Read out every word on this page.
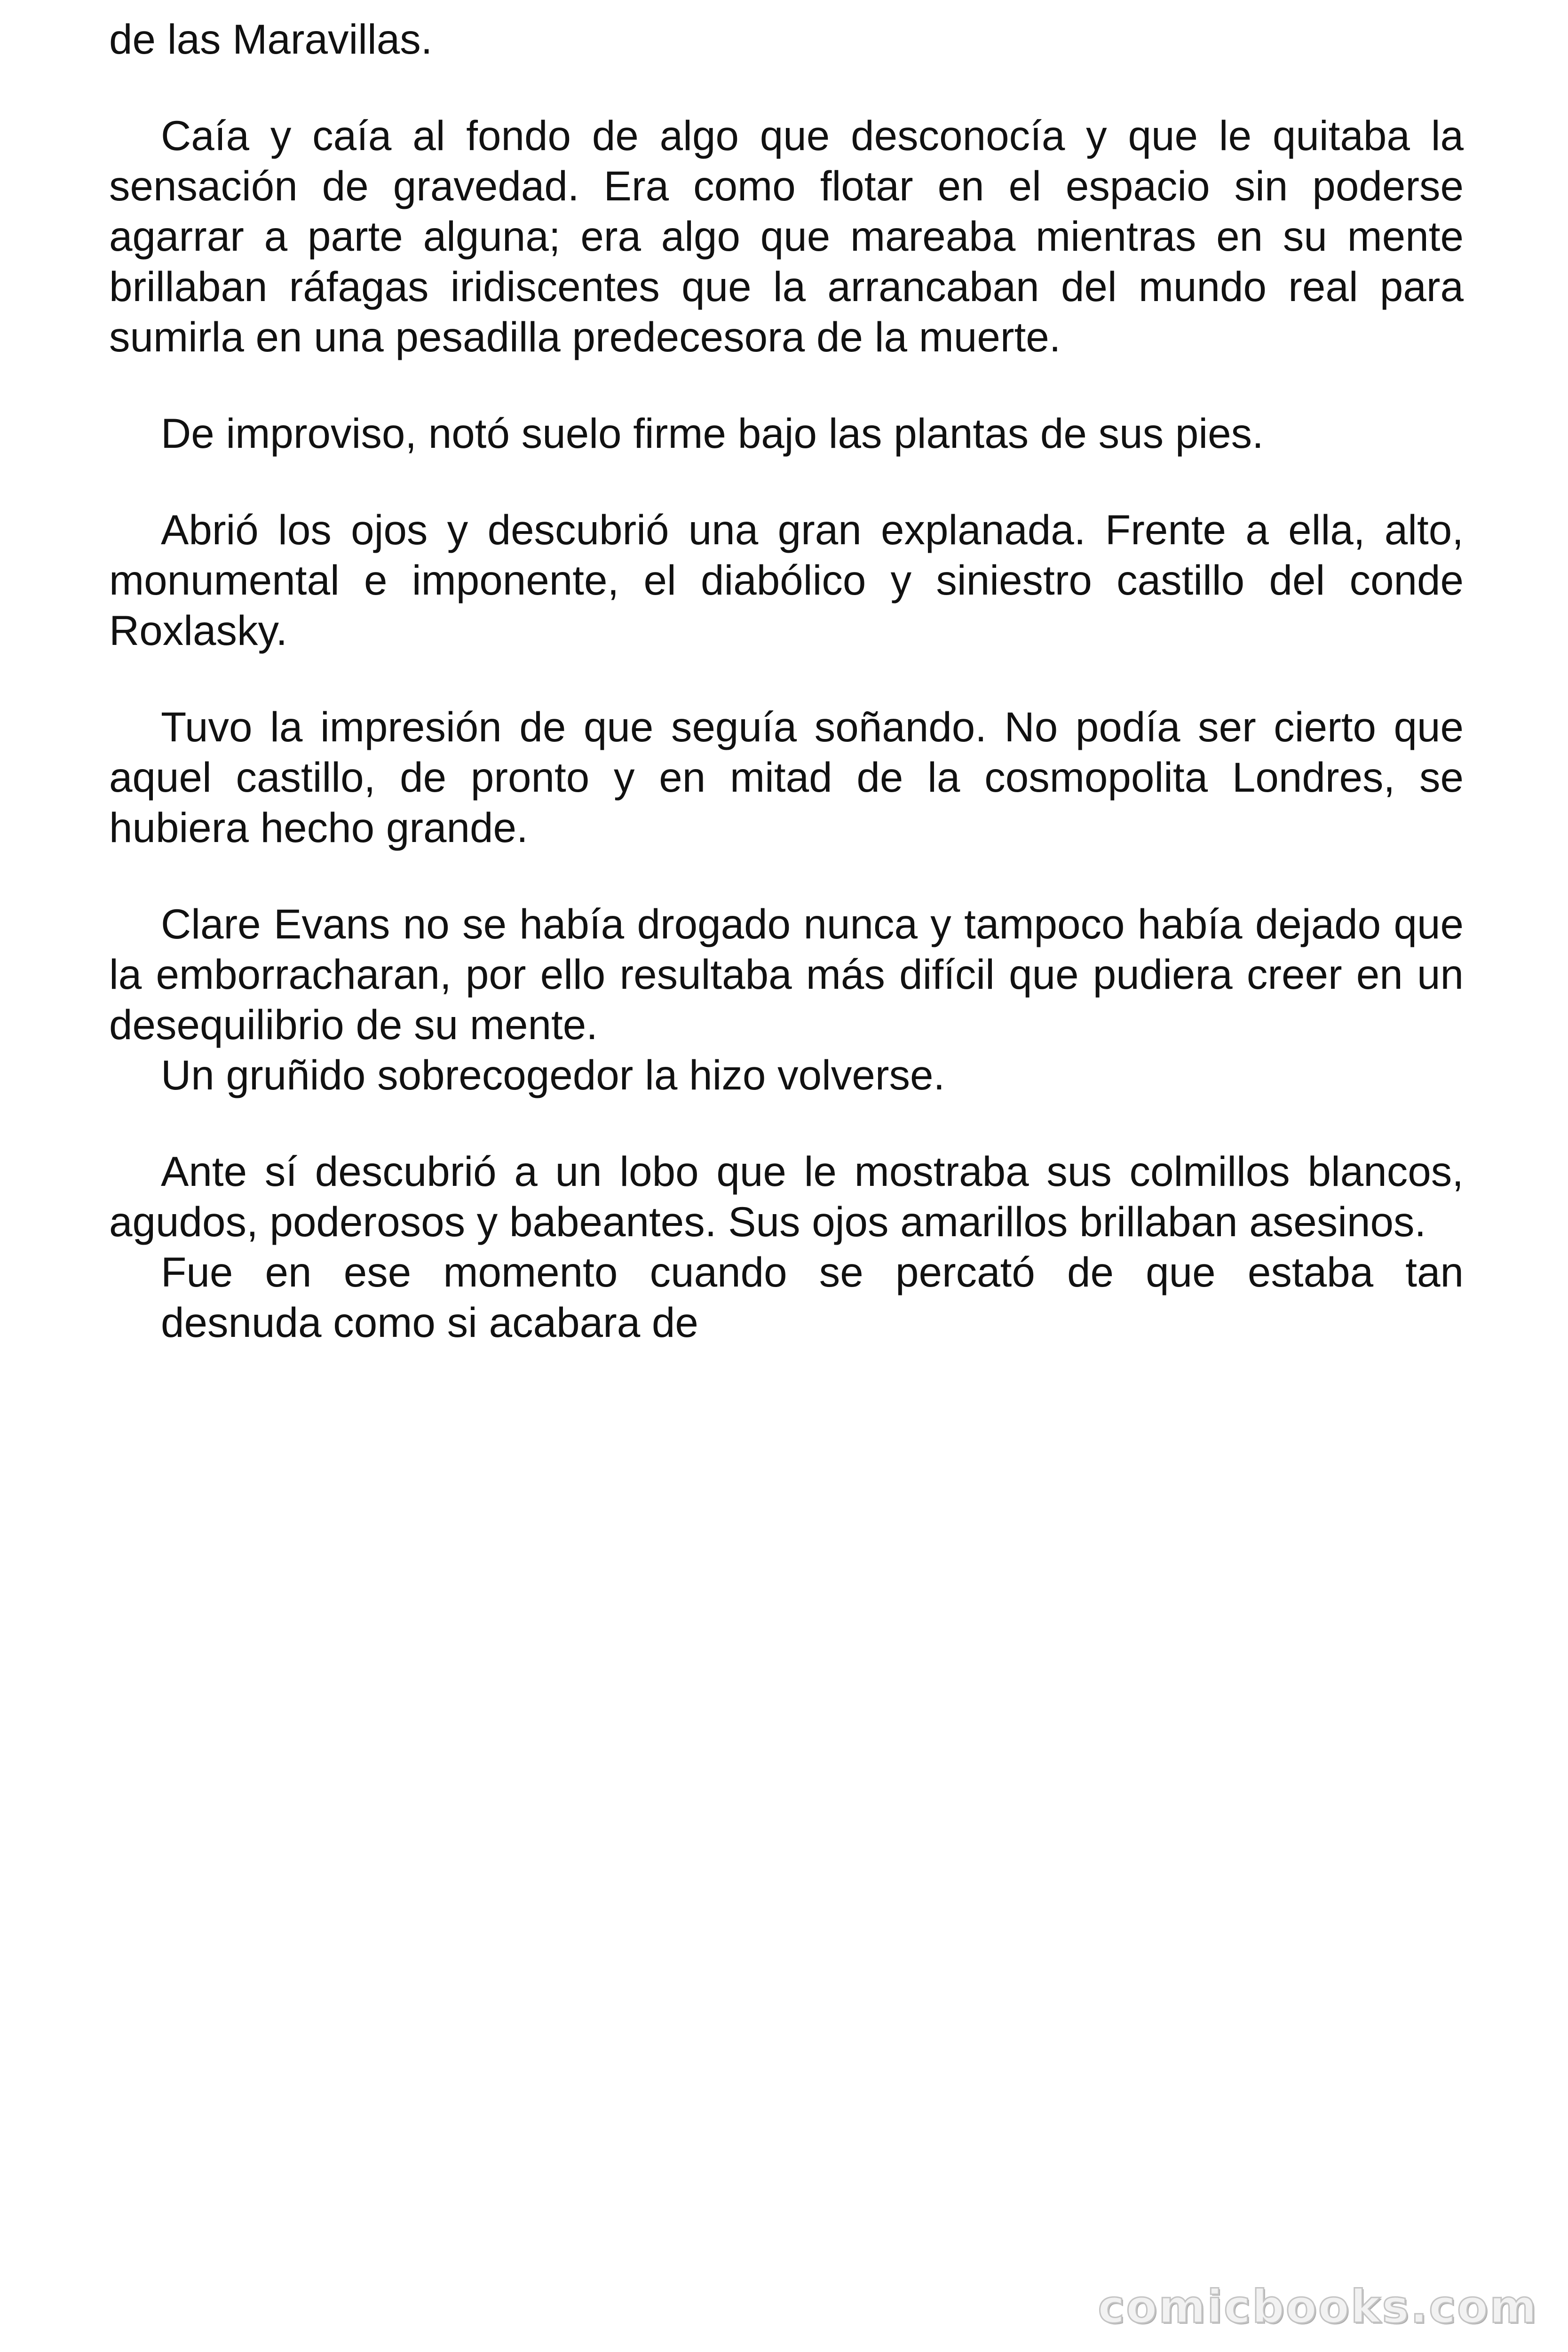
de las Maravillas.

Caía y caía al fondo de algo que desconocía y que le quitaba la sensación de gravedad. Era como flotar en el espacio sin poderse agarrar a parte alguna; era algo que mareaba mientras en su mente brillaban ráfagas iridiscentes que la arrancaban del mundo real para sumirla en una pesadilla predecesora de la muerte.

De improviso, notó suelo firme bajo las plantas de sus pies.

Abrió los ojos y descubrió una gran explanada. Frente a ella, alto, monumental e imponente, el diabólico y siniestro castillo del conde Roxlasky.

Tuvo la impresión de que seguía soñando. No podía ser cierto que aquel castillo, de pronto y en mitad de la cosmopolita Londres, se hubiera hecho grande.

Clare Evans no se había drogado nunca y tampoco había dejado que la emborracharan, por ello resultaba más difícil que pudiera creer en un desequilibrio de su mente.

Un gruñido sobrecogedor la hizo volverse.

Ante sí descubrió a un lobo que le mostraba sus colmillos blancos, agudos, poderosos y babeantes. Sus ojos amarillos brillaban asesinos.

Fue en ese momento cuando se percató de que estaba tan

desnuda como si acabara de

comicbooks.com
